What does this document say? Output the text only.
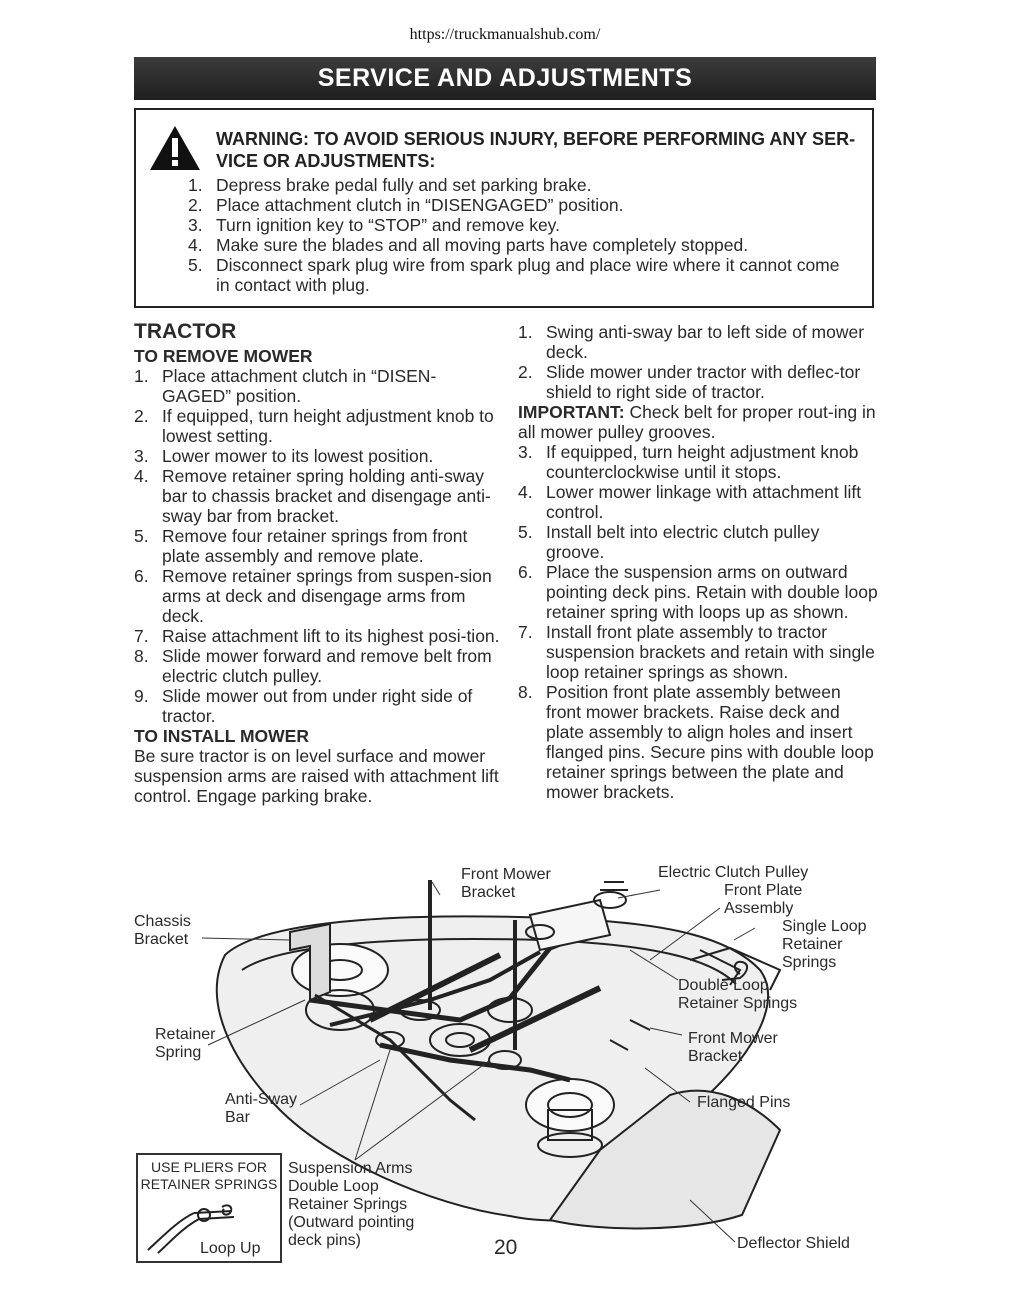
https://truckmanualshub.com/
SERVICE AND ADJUSTMENTS
WARNING: TO AVOID SERIOUS INJURY, BEFORE PERFORMING ANY SER-
VICE OR ADJUSTMENTS:
1. Depress brake pedal fully and set parking brake.
2. Place attachment clutch in “DISENGAGED” position.
3. Turn ignition key to “STOP” and remove key.
4. Make sure the blades and all moving parts have completely stopped.
5. Disconnect spark plug wire from spark plug and place wire where it cannot come in contact with plug.
TRACTOR
TO REMOVE MOWER
1. Place attachment clutch in “DISEN-GAGED” position.
2. If equipped, turn height adjustment knob to lowest setting.
3. Lower mower to its lowest position.
4. Remove retainer spring holding anti-sway bar to chassis bracket and disengage anti-sway bar from bracket.
5. Remove four retainer springs from front plate assembly and remove plate.
6. Remove retainer springs from suspen-sion arms at deck and disengage arms from deck.
7. Raise attachment lift to its highest posi-tion.
8. Slide mower forward and remove belt from electric clutch pulley.
9. Slide mower out from under right side of tractor.
TO INSTALL MOWER

Be sure tractor is on level surface and mower suspension arms are raised with attachment lift control. Engage parking brake.

1. Swing anti-sway bar to left side of mower deck.
2. Slide mower under tractor with deflec-tor shield to right side of tractor.

IMPORTANT: Check belt for proper rout-ing in all mower pulley grooves.

3. If equipped, turn height adjustment knob counterclockwise until it stops.
4. Lower mower linkage with attachment lift control.
5. Install belt into electric clutch pulley groove.
6. Place the suspension arms on outward pointing deck pins. Retain with double loop retainer spring with loops up as shown.
7. Install front plate assembly to tractor suspension brackets and retain with single loop retainer springs as shown.
8. Position front plate assembly between front mower brackets. Raise deck and plate assembly to align holes and insert flanged pins. Secure pins with double loop retainer springs between the plate and mower brackets.
Front Mower
Bracket
Electric Clutch Pulley
Front Plate
Assembly
Chassis
Bracket
Single Loop
Retainer
Springs
Double Loop
Retainer Springs
Retainer
Spring
Front Mower
Bracket
Anti-Sway
Bar
Flanged Pins
Suspension Arms
Double Loop
Retainer Springs
(Outward pointing
deck pins)	Deflector Shield
USE PLIERS FOR
RETAINER SPRINGS
Loop Up	20
